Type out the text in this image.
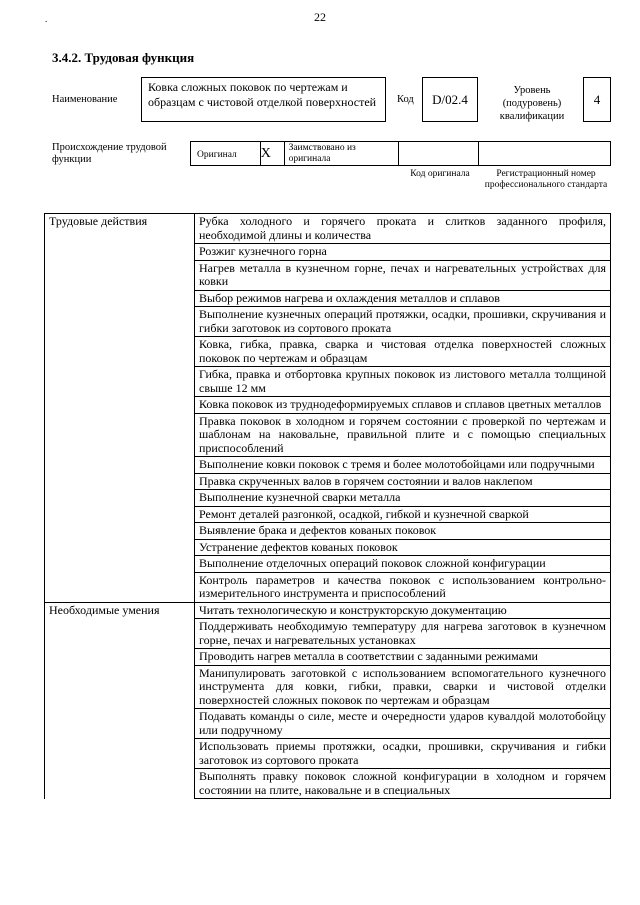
.	22
3.4.2. Трудовая функция
Наименование
Ковка сложных поковок по чертежам и образцам с чистовой отделкой поверхностей	Код	D/02.4
Уровень (подуровень) квалификации
4
Происхождение трудовой функции	Оригинал	X	Заимствовано из оригинала
Код оригинала	Регистрационный номер профессионального стандарта
Трудовые действия	Рубка холодного и горячего проката и слитков заданного профиля, необходимой длины и количества
	Розжиг кузнечного горна
	Нагрев металла в кузнечном горне, печах и нагревательных устройствах для ковки
	Выбор режимов нагрева и охлаждения металлов и сплавов
	Выполнение кузнечных операций протяжки, осадки, прошивки, скручивания и гибки заготовок из сортового проката
	Ковка, гибка, правка, сварка и чистовая отделка поверхностей сложных поковок по чертежам и образцам
	Гибка, правка и отбортовка крупных поковок из листового металла толщиной свыше 12 мм
	Ковка поковок из труднодеформируемых сплавов и сплавов цветных металлов
	Правка поковок в холодном и горячем состоянии с проверкой по чертежам и шаблонам на наковальне, правильной плите и с помощью специальных приспособлений
	Выполнение ковки поковок с тремя и более молотобойцами или подручными
	Правка скрученных валов в горячем состоянии и валов наклепом
	Выполнение кузнечной сварки металла
	Ремонт деталей разгонкой, осадкой, гибкой и кузнечной сваркой
	Выявление брака и дефектов кованых поковок
	Устранение дефектов кованых поковок
	Выполнение отделочных операций поковок сложной конфигурации
	Контроль параметров и качества поковок с использованием контрольно-измерительного инструмента и приспособлений
Необходимые умения	Читать технологическую и конструкторскую документацию
	Поддерживать необходимую температуру для нагрева заготовок в кузнечном горне, печах и нагревательных установках
	Проводить нагрев металла в соответствии с заданными режимами
	Манипулировать заготовкой с использованием вспомогательного кузнечного инструмента для ковки, гибки, правки, сварки и чистовой отделки поверхностей сложных поковок по чертежам и образцам
	Подавать команды о силе, месте и очередности ударов кувалдой молотобойцу или подручному
	Использовать приемы протяжки, осадки, прошивки, скручивания и гибки заготовок из сортового проката
	Выполнять правку поковок сложной конфигурации в холодном и горячем состоянии на плите, наковальне и в специальных
